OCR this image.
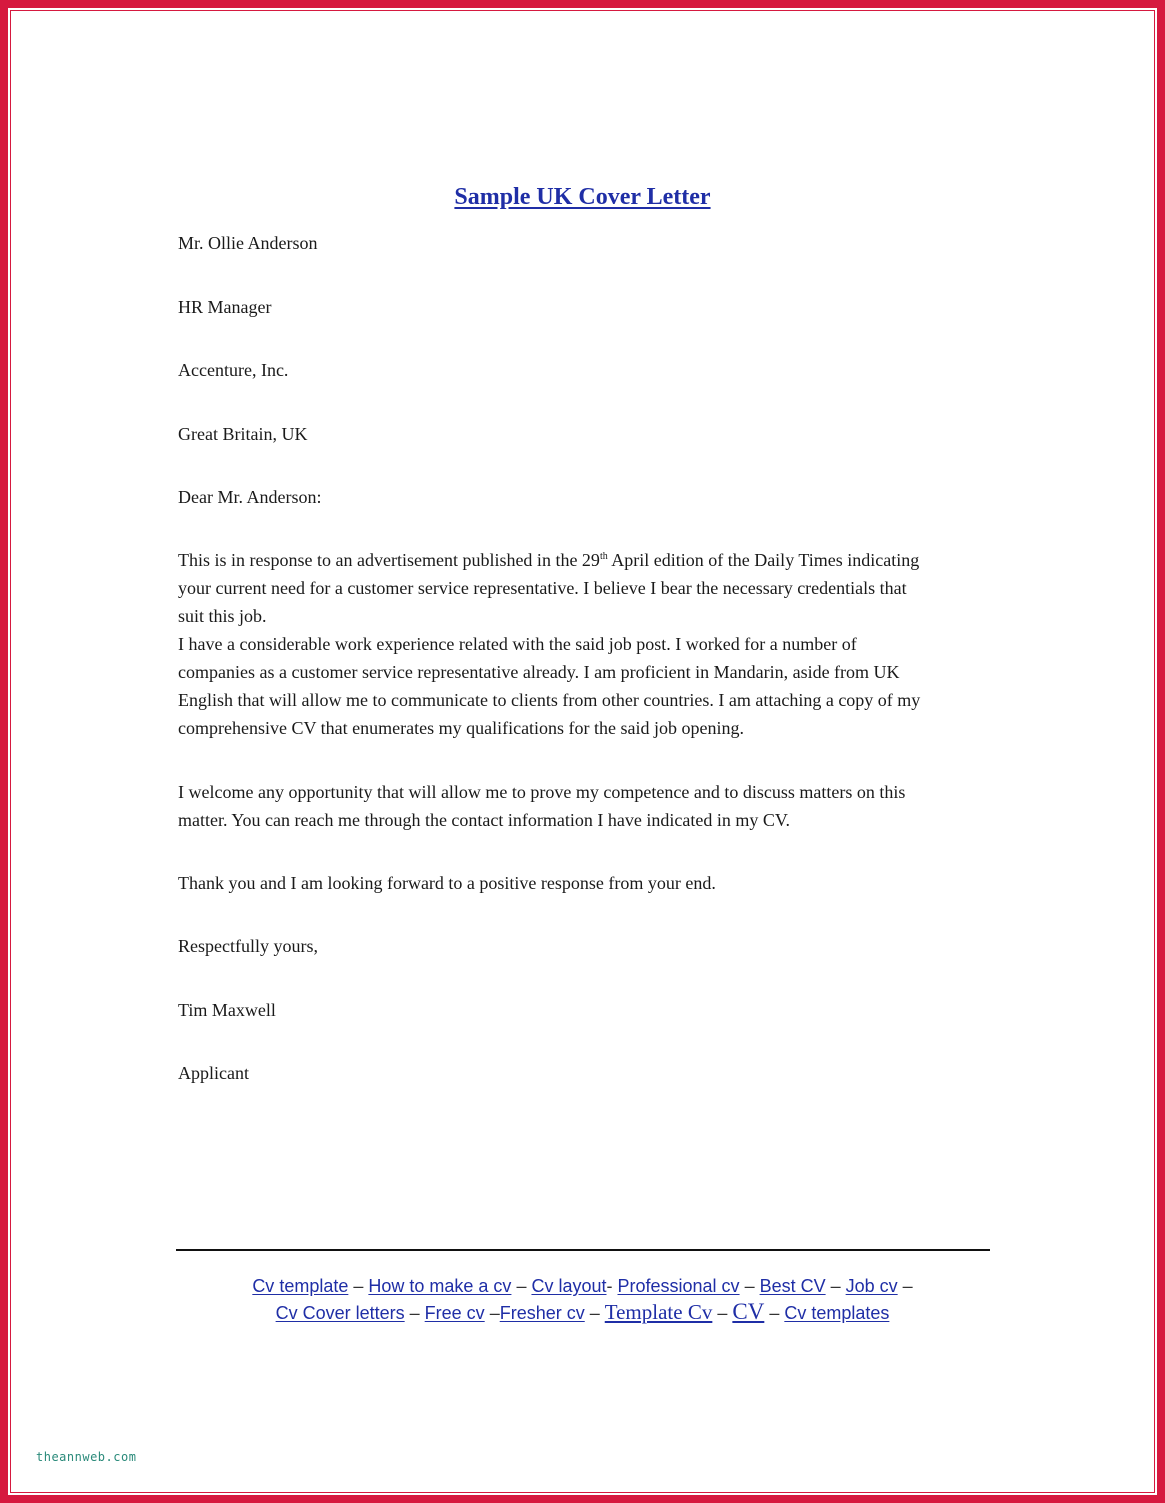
Sample UK Cover Letter
Mr. Ollie Anderson
HR Manager
Accenture, Inc.
Great Britain, UK
Dear Mr. Anderson:
This is in response to an advertisement published in the 29th April edition of the Daily Times indicating
your current need for a customer service representative. I believe I bear the necessary credentials that
suit this job.
I have a considerable work experience related with the said job post. I worked for a number of
companies as a customer service representative already. I am proficient in Mandarin, aside from UK
English that will allow me to communicate to clients from other countries. I am attaching a copy of my
comprehensive CV that enumerates my qualifications for the said job opening.
I welcome any opportunity that will allow me to prove my competence and to discuss matters on this
matter. You can reach me through the contact information I have indicated in my CV.
Thank you and I am looking forward to a positive response from your end.
Respectfully yours,
Tim Maxwell
Applicant
Cv template – How to make a cv – Cv layout- Professional cv – Best CV – Job cv –
Cv Cover letters – Free cv –Fresher cv – Template Cv – CV – Cv templates
theannweb.com
